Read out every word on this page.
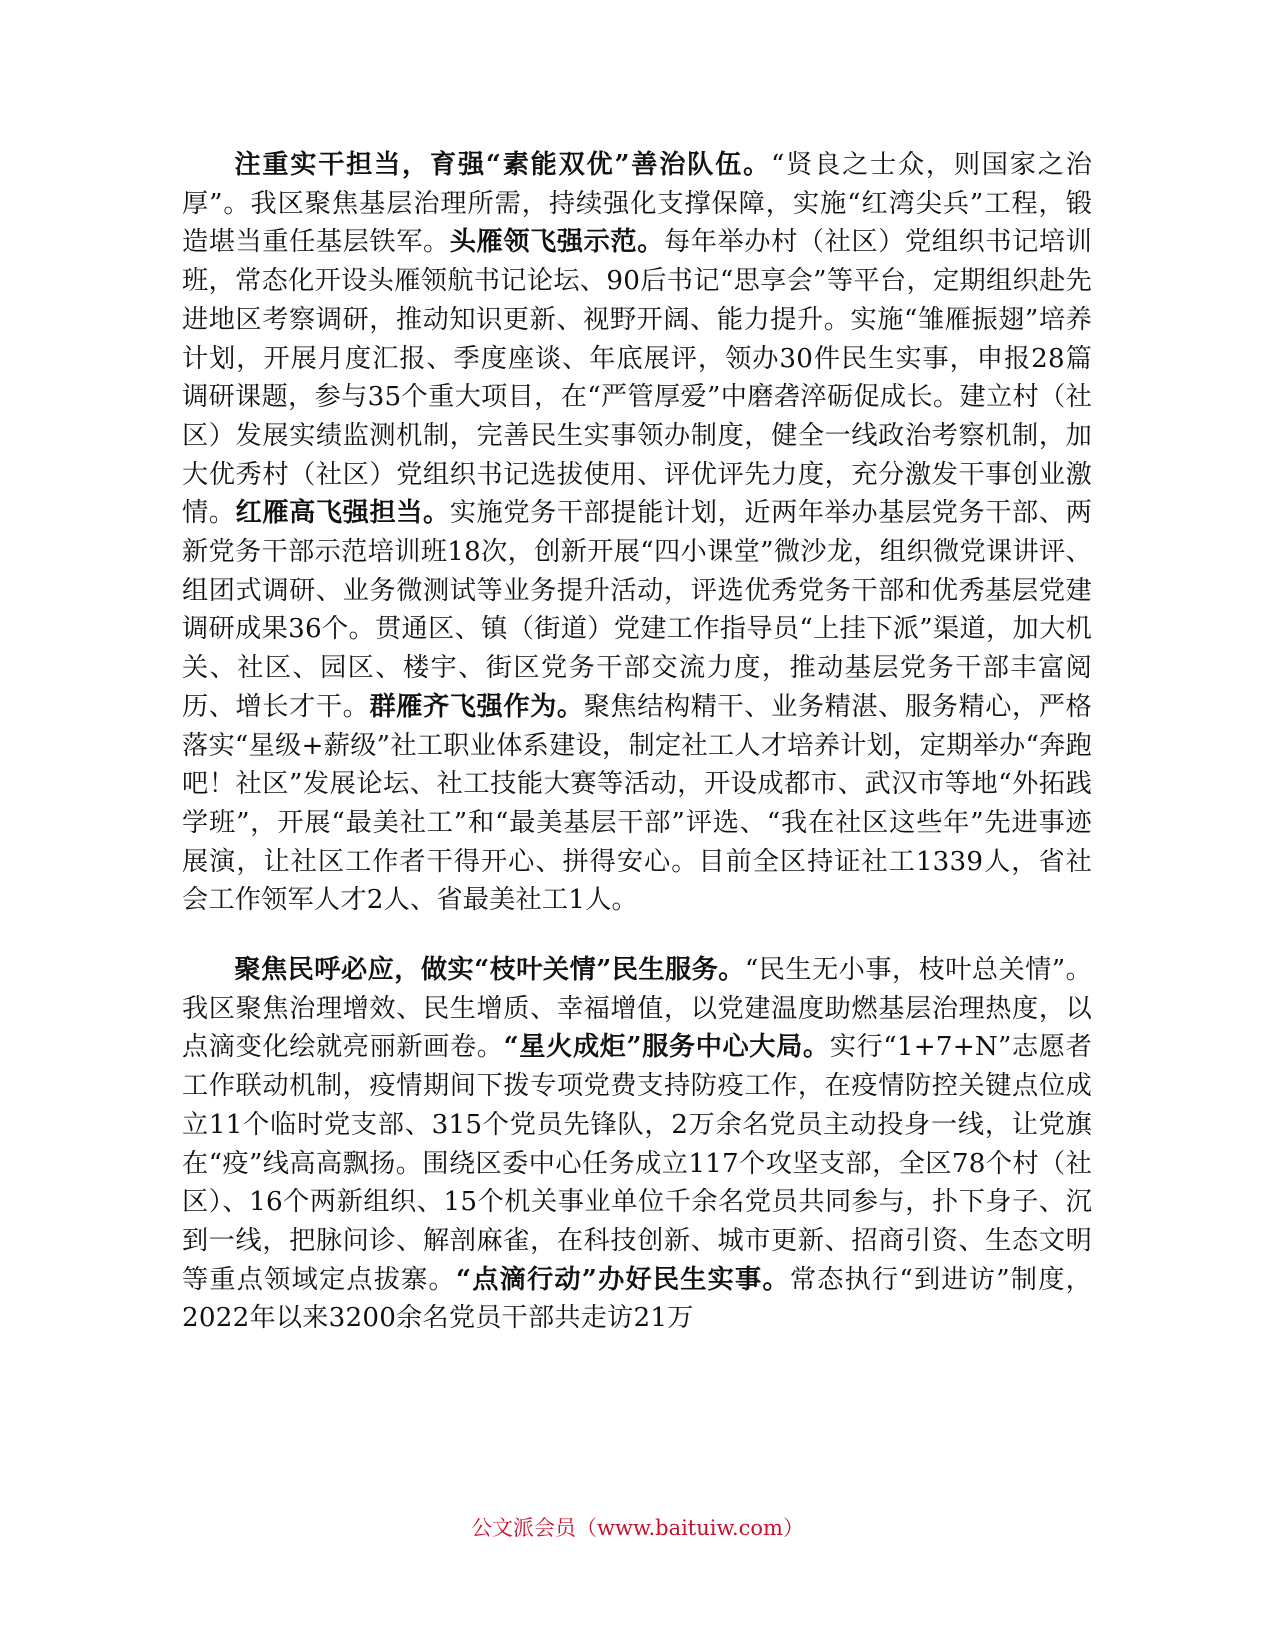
注重实干担当，育强“素能双优”善治队伍。“贤良之士众，则国家之治厚”。我区聚焦基层治理所需，持续强化支撑保障，实施“红湾尖兵”工程，锻造堪当重任基层铁军。头雁领飞强示范。每年举办村（社区）党组织书记培训班，常态化开设头雁领航书记论坛、90后书记“思享会”等平台，定期组织赴先进地区考察调研，推动知识更新、视野开阔、能力提升。实施“雏雁振翅”培养计划，开展月度汇报、季度座谈、年底展评，领办30件民生实事，申报28篇调研课题，参与35个重大项目，在“严管厚爱”中磨砻淬砺促成长。建立村（社区）发展实绩监测机制，完善民生实事领办制度，健全一线政治考察机制，加大优秀村（社区）党组织书记选拔使用、评优评先力度，充分激发干事创业激情。红雁高飞强担当。实施党务干部提能计划，近两年举办基层党务干部、两新党务干部示范培训班18次，创新开展“四小课堂”微沙龙，组织微党课讲评、组团式调研、业务微测试等业务提升活动，评选优秀党务干部和优秀基层党建调研成果36个。贯通区、镇（街道）党建工作指导员“上挂下派”渠道，加大机关、社区、园区、楼宇、街区党务干部交流力度，推动基层党务干部丰富阅历、增长才干。群雁齐飞强作为。聚焦结构精干、业务精湛、服务精心，严格落实“星级+薪级”社工职业体系建设，制定社工人才培养计划，定期举办“奔跑吧！社区”发展论坛、社工技能大赛等活动，开设成都市、武汉市等地“外拓践学班”，开展“最美社工”和“最美基层干部”评选、“我在社区这些年”先进事迹展演，让社区工作者干得开心、拼得安心。目前全区持证社工1339人，省社会工作领军人才2人、省最美社工1人。

聚焦民呼必应，做实“枝叶关情”民生服务。“民生无小事，枝叶总关情”。我区聚焦治理增效、民生增质、幸福增值，以党建温度助燃基层治理热度，以点滴变化绘就亮丽新画卷。“星火成炬”服务中心大局。实行“1+7+N”志愿者工作联动机制，疫情期间下拨专项党费支持防疫工作，在疫情防控关键点位成立11个临时党支部、315个党员先锋队，2万余名党员主动投身一线，让党旗在“疫”线高高飘扬。围绕区委中心任务成立117个攻坚支部，全区78个村（社区）、16个两新组织、15个机关事业单位千余名党员共同参与，扑下身子、沉到一线，把脉问诊、解剖麻雀，在科技创新、城市更新、招商引资、生态文明等重点领域定点拔寨。“点滴行动”办好民生实事。常态执行“到进访”制度，2022年以来3200余名党员干部共走访21万

公文派会员（www.baituiw.com）
